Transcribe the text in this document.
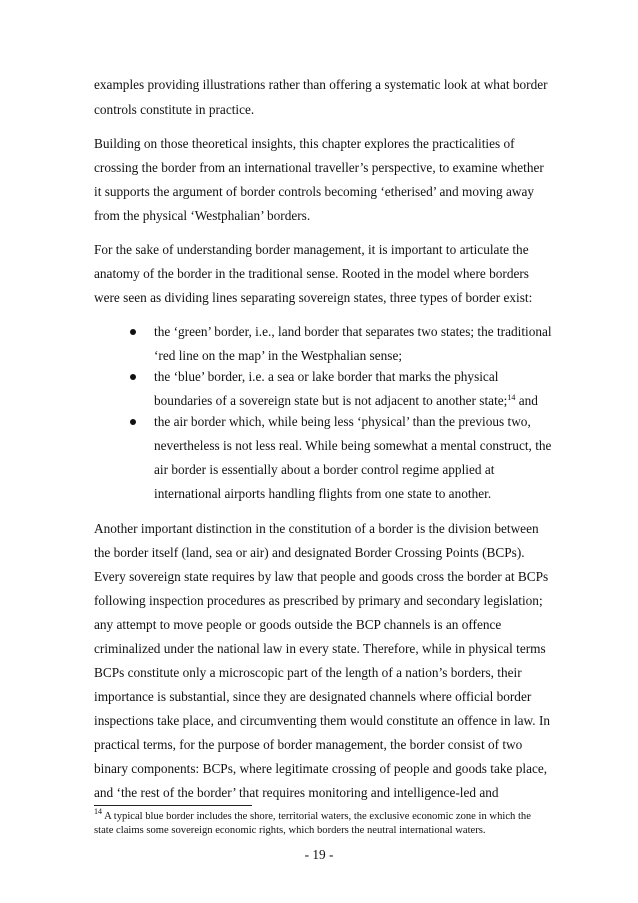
examples providing illustrations rather than offering a systematic look at what border
controls constitute in practice.
Building on those theoretical insights, this chapter explores the practicalities of
crossing the border from an international traveller’s perspective, to examine whether
it supports the argument of border controls becoming ‘etherised’ and moving away
from the physical ‘Westphalian’ borders.
For the sake of understanding border management, it is important to articulate the
anatomy of the border in the traditional sense. Rooted in the model where borders
were seen as dividing lines separating sovereign states, three types of border exist:
the ‘green’ border, i.e., land border that separates two states; the traditional
‘red line on the map’ in the Westphalian sense;
the ‘blue’ border, i.e. a sea or lake border that marks the physical
boundaries of a sovereign state but is not adjacent to another state;$^{14}$ and
the air border which, while being less ‘physical’ than the previous two,
nevertheless is not less real. While being somewhat a mental construct, the
air border is essentially about a border control regime applied at
international airports handling flights from one state to another.
Another important distinction in the constitution of a border is the division between
the border itself (land, sea or air) and designated Border Crossing Points (BCPs).
Every sovereign state requires by law that people and goods cross the border at BCPs
following inspection procedures as prescribed by primary and secondary legislation;
any attempt to move people or goods outside the BCP channels is an offence
criminalized under the national law in every state. Therefore, while in physical terms
BCPs constitute only a microscopic part of the length of a nation’s borders, their
importance is substantial, since they are designated channels where official border
inspections take place, and circumventing them would constitute an offence in law. In
practical terms, for the purpose of border management, the border consist of two
binary components: BCPs, where legitimate crossing of people and goods take place,
and ‘the rest of the border’ that requires monitoring and intelligence-led and
$^{14}$ A typical blue border includes the shore, territorial waters, the exclusive economic zone in which the
state claims some sovereign economic rights, which borders the neutral international waters.
- 19 -
